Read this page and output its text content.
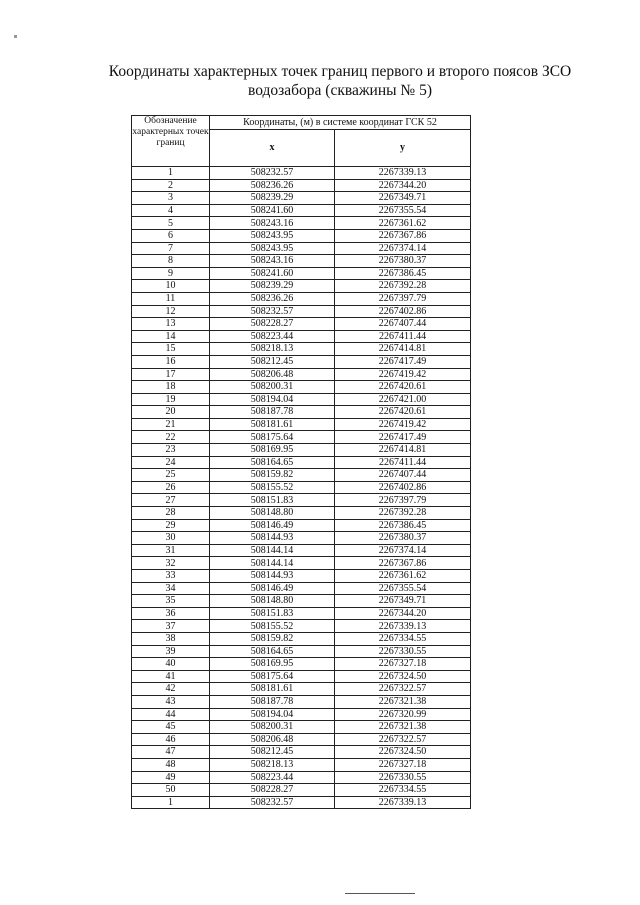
Координаты характерных точек границ первого и второго поясов ЗСО
водозабора (скважины № 5)
Обозначение характерных точек границ	Координаты, (м) в системе координат ГСК 52	
	x	y
1	508232.57	2267339.13
2	508236.26	2267344.20
3	508239.29	2267349.71
4	508241.60	2267355.54
5	508243.16	2267361.62
6	508243.95	2267367.86
7	508243.95	2267374.14
8	508243.16	2267380.37
9	508241.60	2267386.45
10	508239.29	2267392.28
11	508236.26	2267397.79
12	508232.57	2267402.86
13	508228.27	2267407.44
14	508223.44	2267411.44
15	508218.13	2267414.81
16	508212.45	2267417.49
17	508206.48	2267419.42
18	508200.31	2267420.61
19	508194.04	2267421.00
20	508187.78	2267420.61
21	508181.61	2267419.42
22	508175.64	2267417.49
23	508169.95	2267414.81
24	508164.65	2267411.44
25	508159.82	2267407.44
26	508155.52	2267402.86
27	508151.83	2267397.79
28	508148.80	2267392.28
29	508146.49	2267386.45
30	508144.93	2267380.37
31	508144.14	2267374.14
32	508144.14	2267367.86
33	508144.93	2267361.62
34	508146.49	2267355.54
35	508148.80	2267349.71
36	508151.83	2267344.20
37	508155.52	2267339.13
38	508159.82	2267334.55
39	508164.65	2267330.55
40	508169.95	2267327.18
41	508175.64	2267324.50
42	508181.61	2267322.57
43	508187.78	2267321.38
44	508194.04	2267320.99
45	508200.31	2267321.38
46	508206.48	2267322.57
47	508212.45	2267324.50
48	508218.13	2267327.18
49	508223.44	2267330.55
50	508228.27	2267334.55
1	508232.57	2267339.13
